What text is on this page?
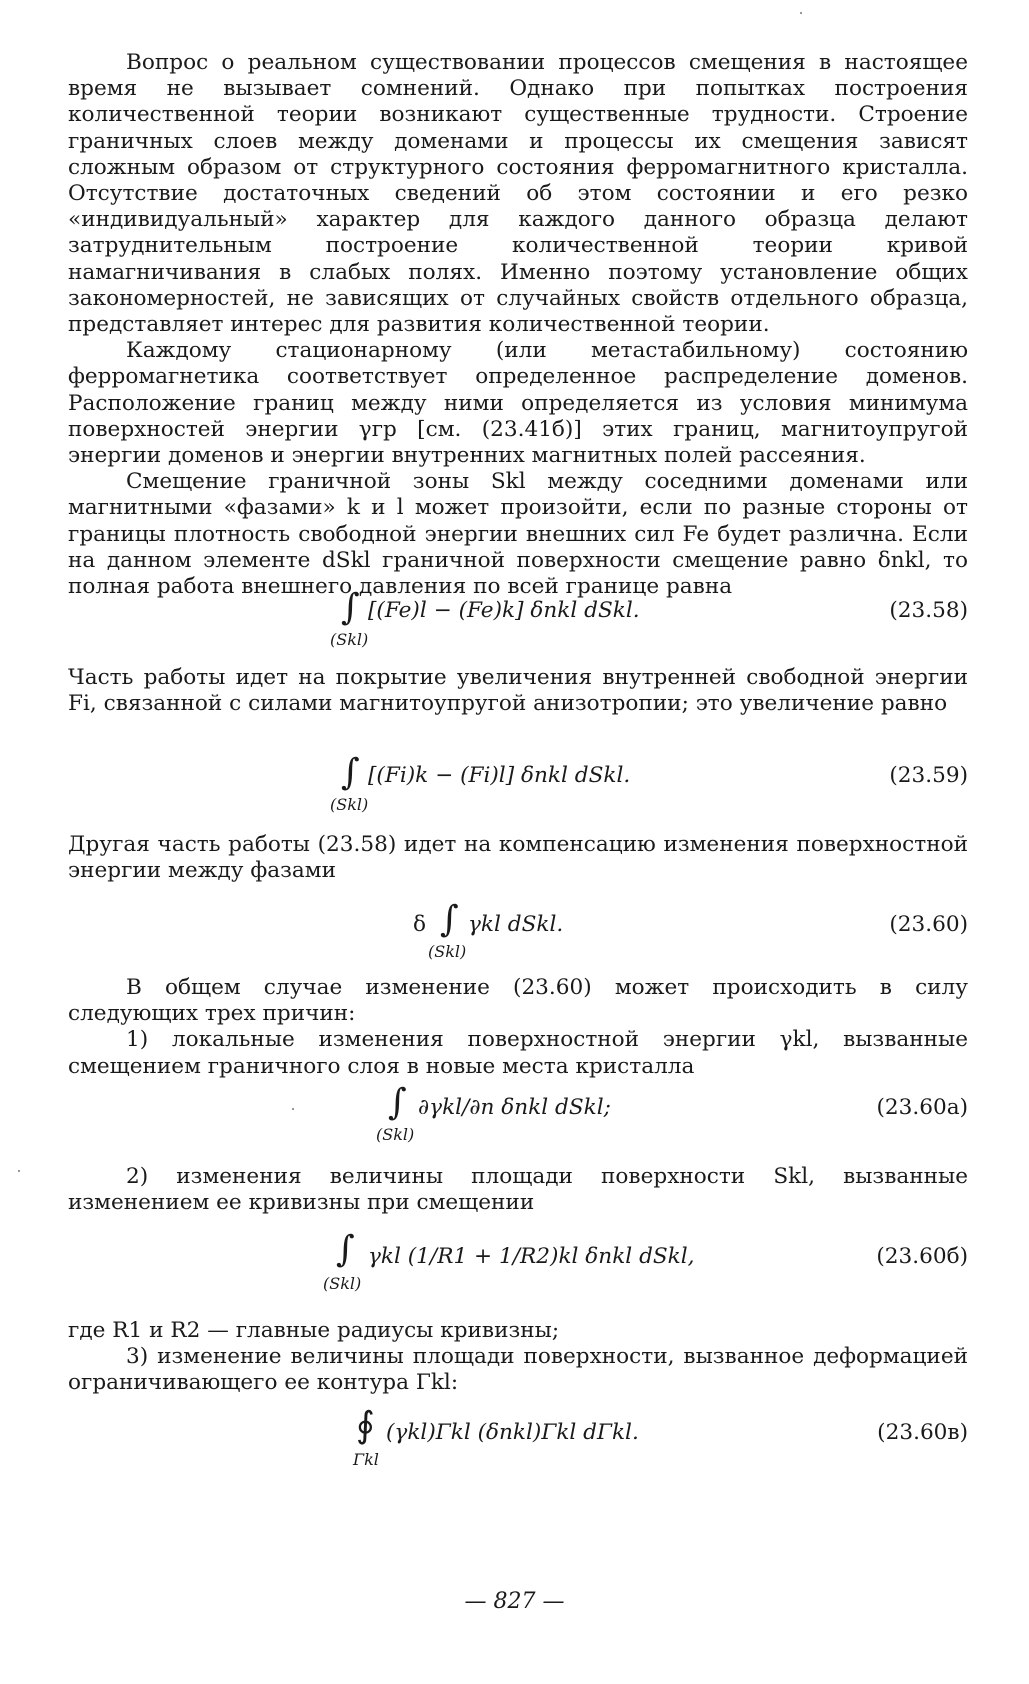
Вопрос о реальном существовании процессов смещения в настоящее время не вызывает сомнений. Однако при попытках построения количественной теории возникают существенные трудности. Строение граничных слоев между доменами и процессы их смещения зависят сложным образом от структурного состояния ферромагнитного кристалла. Отсутствие достаточных сведений об этом состоянии и его резко «индивидуальный» характер для каждого данного образца делают затруднительным построение количественной теории кривой намагничивания в слабых полях. Именно поэтому установление общих закономерностей, не зависящих от случайных свойств отдельного образца, представляет интерес для развития количественной теории.

Каждому стационарному (или метастабильному) состоянию ферромагнетика соответствует определенное распределение доменов. Расположение границ между ними определяется из условия минимума поверхностей энергии γгр [см. (23.41б)] этих границ, магнитоупругой энергии доменов и энергии внутренних магнитных полей рассеяния.

Смещение граничной зоны Skl между соседними доменами или магнитными «фазами» k и l может произойти, если по разные стороны от границы плотность свободной энергии внешних сил Fe будет различна. Если на данном элементе dSkl граничной поверхности смещение равно δnkl, то полная работа внешнего давления по всей границе равна

∫
(Skl)
[(Fe)l − (Fe)k] δnkl dSkl.	(23.58)

Часть работы идет на покрытие увеличения внутренней свободной энергии Fi, связанной с силами магнитоупругой анизотропии; это увеличение равно

∫
(Skl)
[(Fi)k − (Fi)l] δnkl dSkl.	(23.59)

Другая часть работы (23.58) идет на компенсацию изменения поверхностной энергии между фазами

δ ∫
(Skl)
γkl dSkl.	(23.60)

В общем случае изменение (23.60) может происходить в силу следующих трех причин:

1) локальные изменения поверхностной энергии γkl, вызванные смещением граничного слоя в новые места кристалла

∫
(Skl)
∂γkl/∂n δnkl dSkl;	(23.60а)

2) изменения величины площади поверхности Skl, вызванные изменением ее кривизны при смещении

∫
(Skl)
γkl (1/R1 + 1/R2)kl δnkl dSkl,	(23.60б)

где R1 и R2 — главные радиусы кривизны;

3) изменение величины площади поверхности, вызванное деформацией ограничивающего ее контура Γkl:

∮
Γkl
(γkl)Γkl (δnkl)Γkl dΓkl.	(23.60в)
— 827 —
